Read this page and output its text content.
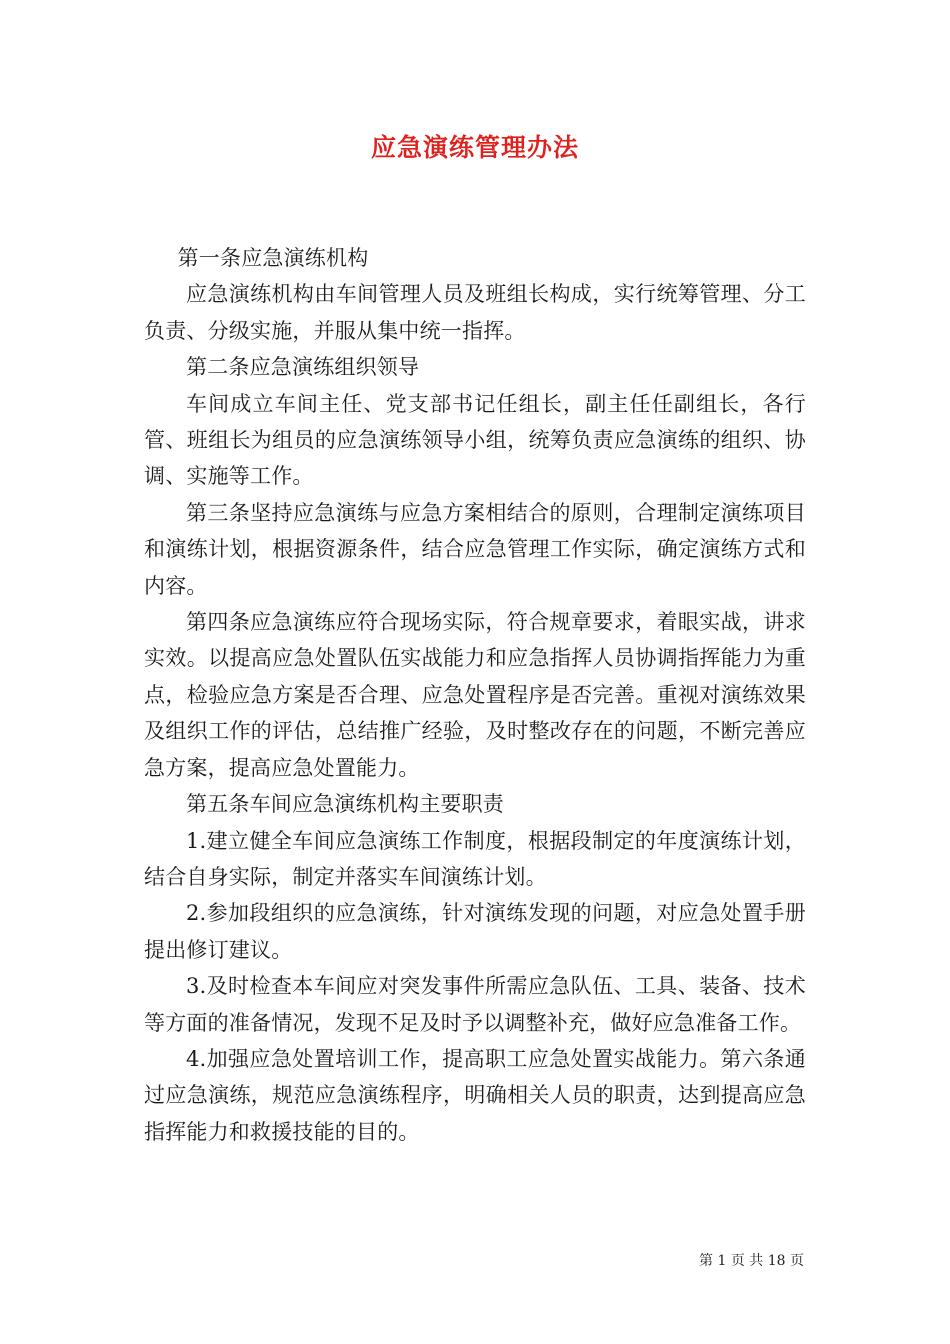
应急演练管理办法

第一条应急演练机构

应急演练机构由车间管理人员及班组长构成，实行统筹管理、分工负责、分级实施，并服从集中统一指挥。

第二条应急演练组织领导

车间成立车间主任、党支部书记任组长，副主任任副组长，各行管、班组长为组员的应急演练领导小组，统筹负责应急演练的组织、协调、实施等工作。

第三条坚持应急演练与应急方案相结合的原则，合理制定演练项目和演练计划，根据资源条件，结合应急管理工作实际，确定演练方式和内容。

第四条应急演练应符合现场实际，符合规章要求，着眼实战，讲求实效。以提高应急处置队伍实战能力和应急指挥人员协调指挥能力为重点，检验应急方案是否合理、应急处置程序是否完善。重视对演练效果及组织工作的评估，总结推广经验，及时整改存在的问题，不断完善应急方案，提高应急处置能力。

第五条车间应急演练机构主要职责

1.建立健全车间应急演练工作制度，根据段制定的年度演练计划，结合自身实际，制定并落实车间演练计划。

2.参加段组织的应急演练，针对演练发现的问题，对应急处置手册提出修订建议。

3.及时检查本车间应对突发事件所需应急队伍、工具、装备、技术等方面的准备情况，发现不足及时予以调整补充，做好应急准备工作。

4.加强应急处置培训工作，提高职工应急处置实战能力。第六条通过应急演练，规范应急演练程序，明确相关人员的职责，达到提高应急指挥能力和救援技能的目的。

第 1 页 共 18 页
